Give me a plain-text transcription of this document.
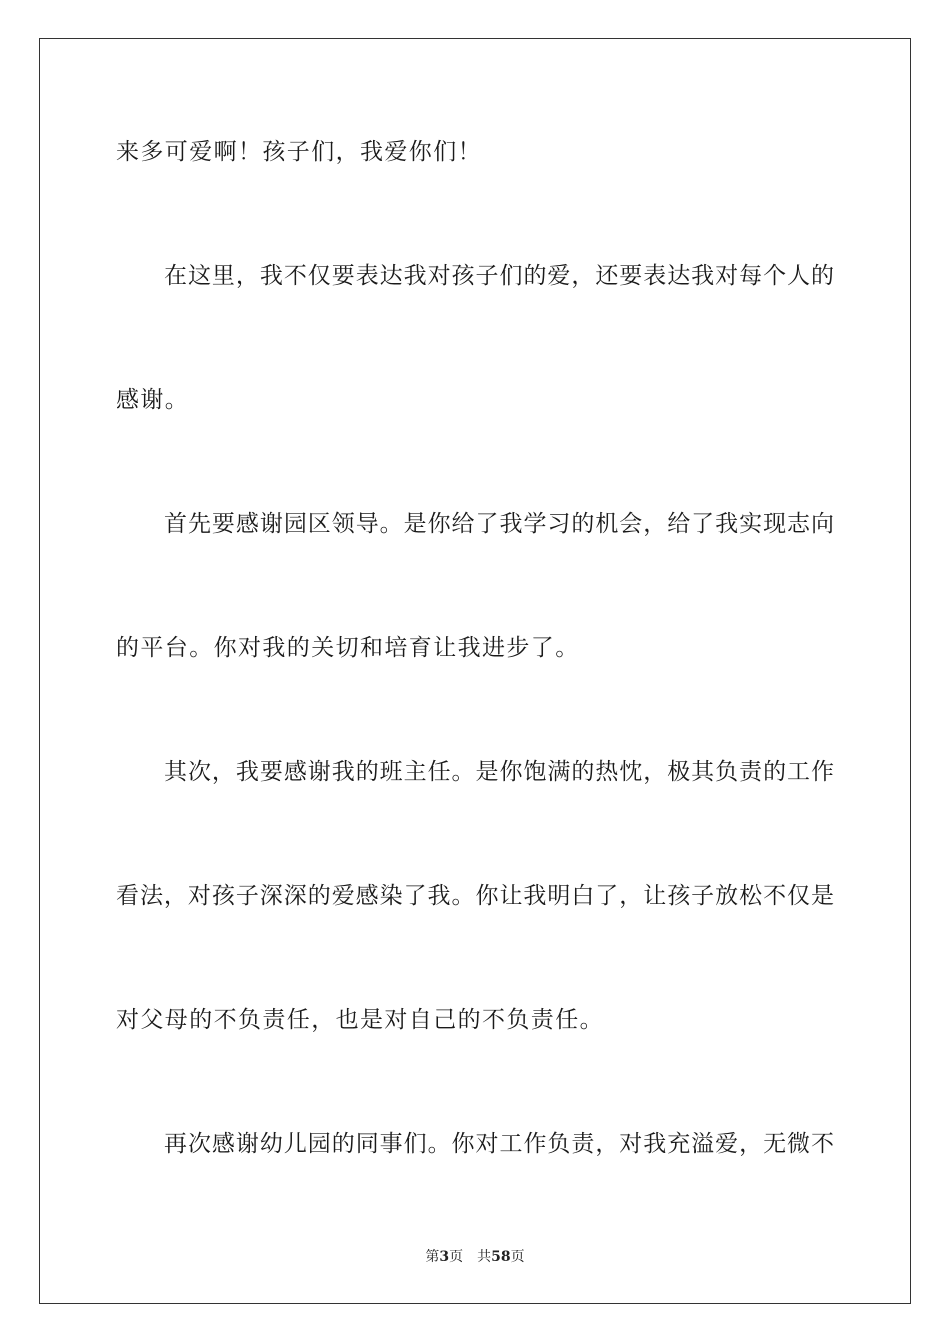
来多可爱啊！孩子们，我爱你们！
在这里，我不仅要表达我对孩子们的爱，还要表达我对每个人的
感谢。
首先要感谢园区领导。是你给了我学习的机会，给了我实现志向
的平台。你对我的关切和培育让我进步了。
其次，我要感谢我的班主任。是你饱满的热忱，极其负责的工作
看法，对孩子深深的爱感染了我。你让我明白了，让孩子放松不仅是
对父母的不负责任，也是对自己的不负责任。
再次感谢幼儿园的同事们。你对工作负责，对我充溢爱，无微不
第3页 共58页
